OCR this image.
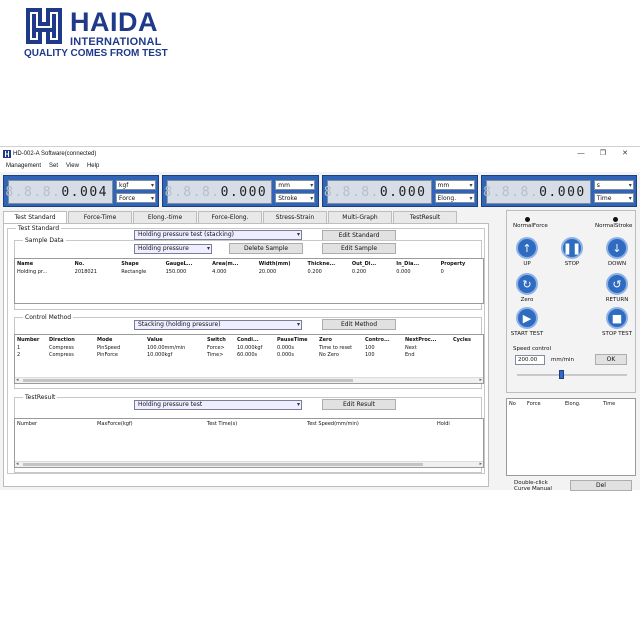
HAIDA
INTERNATIONAL
QUALITY COMES FROM TEST
HD-002-A Software(connected)	—	❐	✕
Management Set View Help
8.8.8. 0.004	kgf ▾
Force ▾	8.8.8. 0.000	mm ▾
Stroke ▾	8.8.8. 0.000	mm ▾
Elong. ▾	8.8.8. 0.000	s ▾
Time ▾
Test Standard	Force-Time	Elong.-time	Force-Elong.	Stress-Strain	Multi-Graph	TestResult
Test Standard
Holding pressure test (stacking) ▾	Edit Standard
Sample Data
Holding pressure ▾	Delete Sample	Edit Sample
Name	No.	Shape	GaugeL...	Area(m...	Width(mm)	Thickne...	Out_Di...	In_Dia...	Property
Holding pr...	2018021	Rectangle	150.000	4.000	20.000	0.200	0.200	0.000	0
Control Method
Stacking (holding pressure) ▾	Edit Method
Number	Direction	Mode	Value	Switch	Condi...	PauseTime	Zero	Contro...	NextProc...	Cycles
1	Compress	PinSpeed	100.00mm/min	Force>	10.000kgf	0.000s	Time to reset	100	Next	
2	Compress	PinForce	10.000kgf	Time>	60.000s	0.000s	No Zero	100	End	
◂	▸
TestResult
Holding pressure test ▾	Edit Result
Number	MaxForce(kgf)	Test Time(s)	Test Speed(mm/min)	Holdi
◂	▸
NormalForce	NormalStroke
↑
UP
❚❚
STOP
↓
DOWN
↻
Zero
↺
RETURN
▶
START TEST
■
STOP TEST
Speed control
200.00	mm/min	OK
No	Force	Elong.	Time
Double-click
Curve Manual	Del
